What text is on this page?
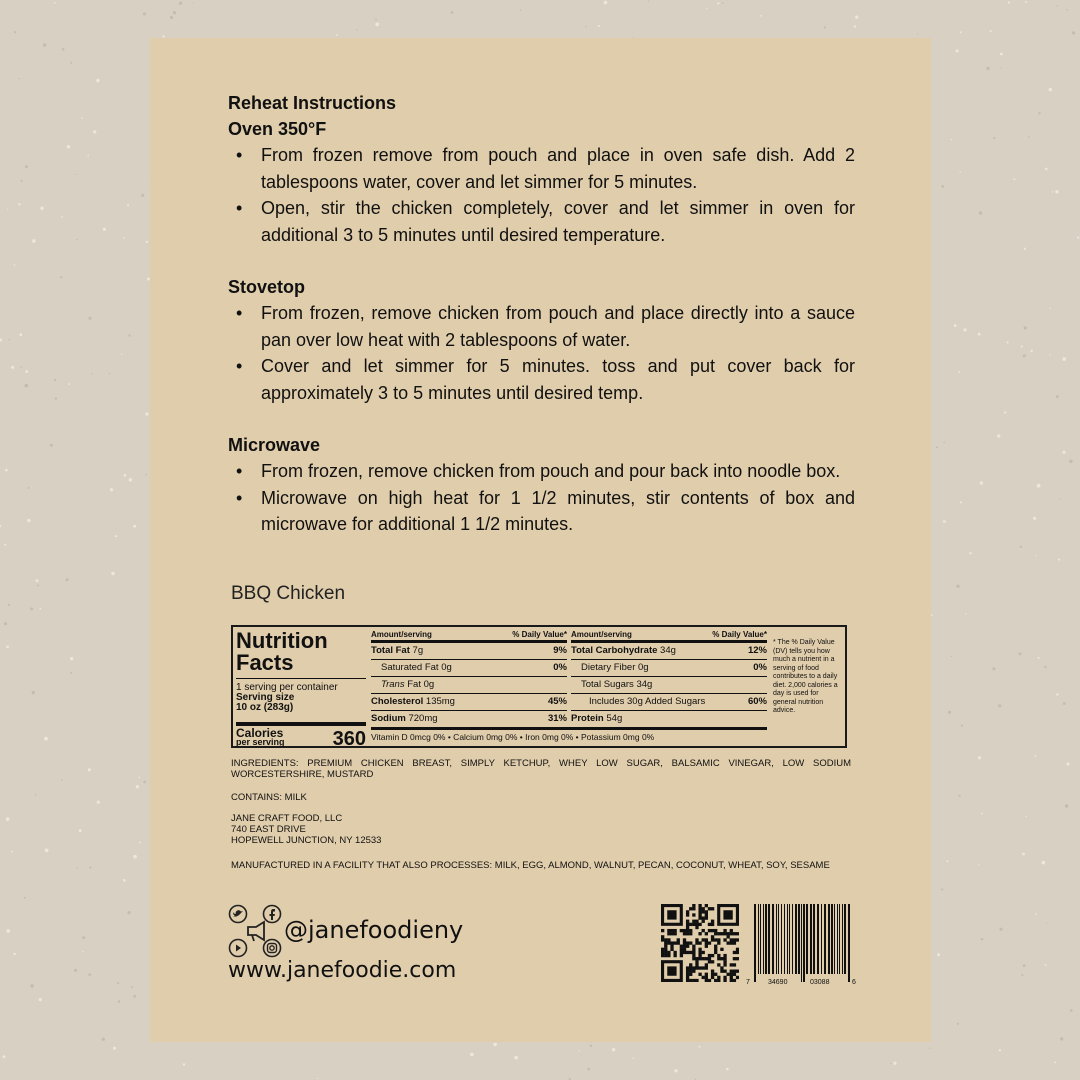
Reheat Instructions

Oven 350°F

• From frozen remove from pouch and place in oven safe dish. Add 2 tablespoons water, cover and let simmer for 5 minutes.
• Open, stir the chicken completely, cover and let simmer in oven for additional 3 to 5 minutes until desired temperature.

Stovetop

• From frozen, remove chicken from pouch and place directly into a sauce pan over low heat with 2 tablespoons of water.
• Cover and let simmer for 5 minutes. toss and put cover back for approximately 3 to 5 minutes until desired temp.

Microwave

• From frozen, remove chicken from pouch and pour back into noodle box.
• Microwave on high heat for 1 1/2 minutes, stir contents of box and microwave for additional 1 1/2 minutes.
BBQ Chicken
Nutrition
Facts
1 serving per container
Serving size
10 oz (283g)
Calories
per serving	360
Amount/serving	% Daily Value*
Total Fat 7g	9%
Saturated Fat 0g	0%
Trans Fat 0g
Cholesterol 135mg	45%
Sodium 720mg	31%
Amount/serving	% Daily Value*
Total Carbohydrate 34g	12%
Dietary Fiber 0g	0%
Total Sugars 34g
Includes 30g Added Sugars	60%
Protein 54g
Vitamin D 0mcg 0% • Calcium 0mg 0% • Iron 0mg 0% • Potassium 0mg 0%
* The % Daily Value (DV) tells you how much a nutrient in a serving of food contributes to a daily diet. 2,000 calories a day is used for general nutrition advice.
INGREDIENTS: PREMIUM CHICKEN BREAST, SIMPLY KETCHUP, WHEY LOW SUGAR, BALSAMIC VINEGAR, LOW SODIUM WORCESTERSHIRE, MUSTARD
CONTAINS: MILK
JANE CRAFT FOOD, LLC
740 EAST DRIVE
HOPEWELL JUNCTION, NY 12533
MANUFACTURED IN A FACILITY THAT ALSO PROCESSES: MILK, EGG, ALMOND, WALNUT, PECAN, COCONUT, WHEAT, SOY, SESAME
@janefoodieny
www.janefoodie.com	7	34690	03088	6
